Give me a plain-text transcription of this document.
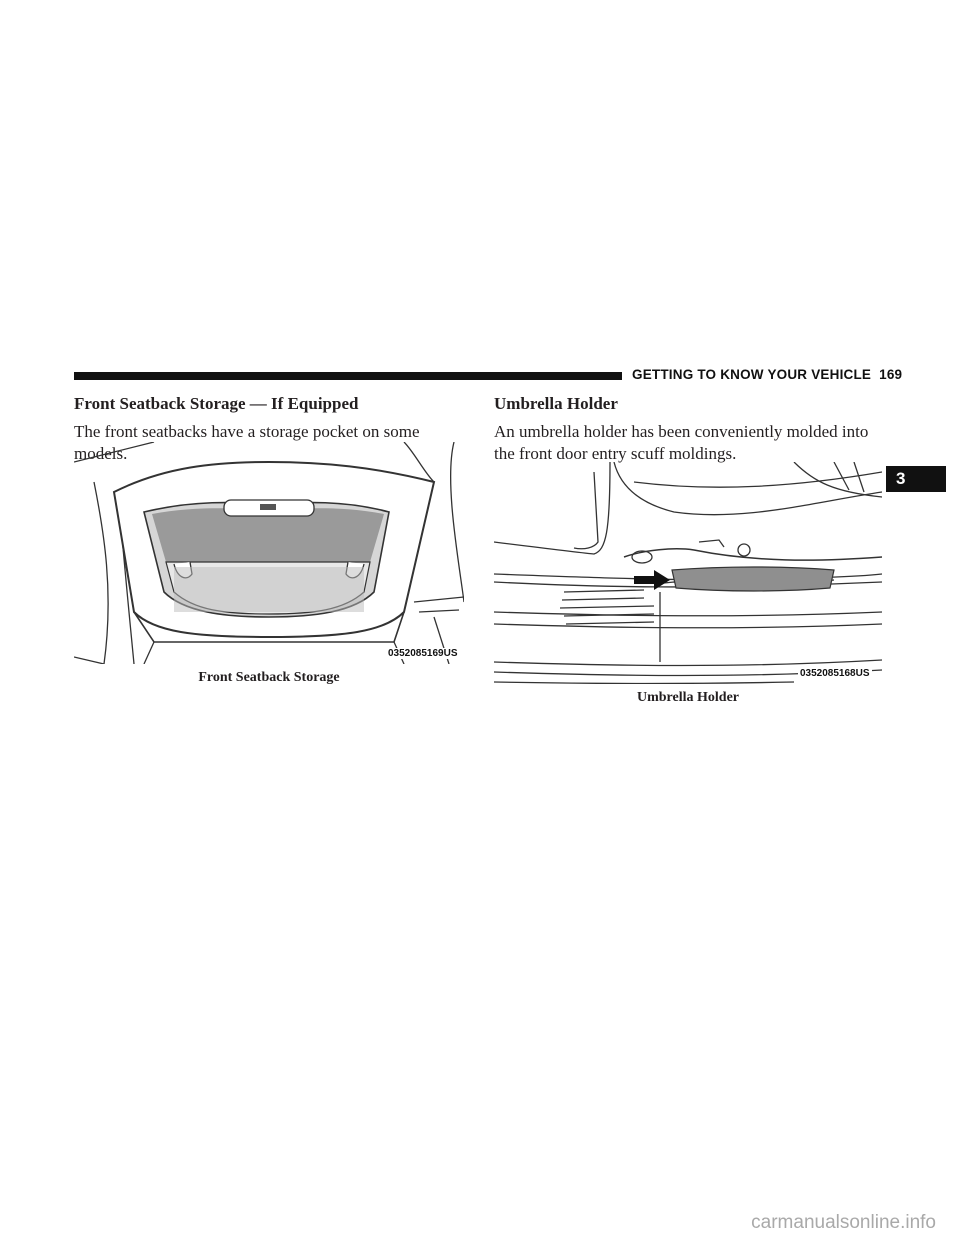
GETTING TO KNOW YOUR VEHICLE 169
3
Front Seatback Storage — If Equipped
The front seatbacks have a storage pocket on some models.
0352085169US
Front Seatback Storage
Umbrella Holder
An umbrella holder has been conveniently molded into the front door entry scuff moldings.
0352085168US
Umbrella Holder
carmanualsonline.info
